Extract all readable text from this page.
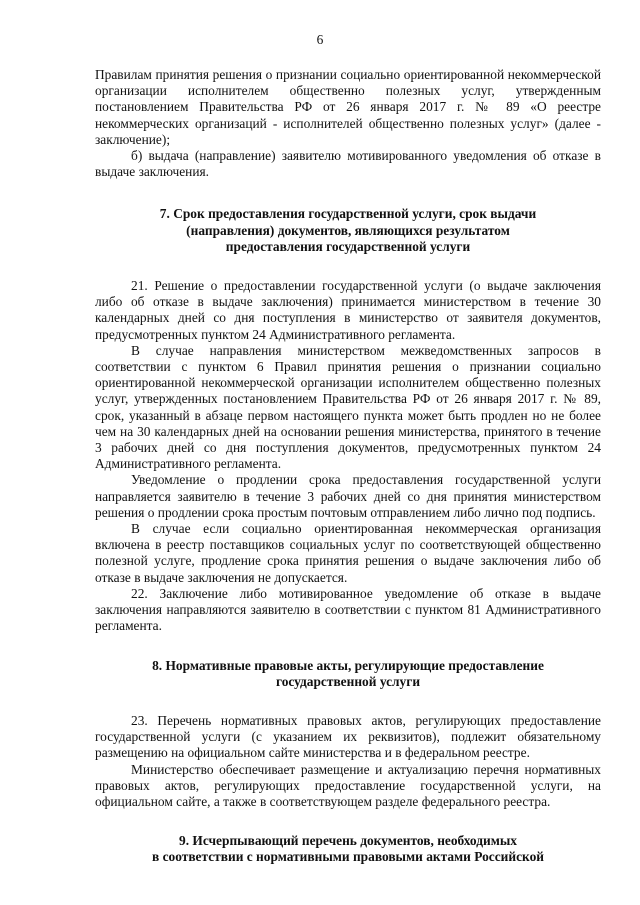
6

Правилам принятия решения о признании социально ориентированной некоммерческой организации исполнителем общественно полезных услуг, утвержденным постановлением Правительства РФ от 26 января 2017 г. № 89 «О реестре некоммерческих организаций - исполнителей общественно полезных услуг» (далее - заключение);

б) выдача (направление) заявителю мотивированного уведомления об отказе в выдаче заключения.

7. Срок предоставления государственной услуги, срок выдачи
(направления) документов, являющихся результатом
предоставления государственной услуги

21. Решение о предоставлении государственной услуги (о выдаче заключения либо об отказе в выдаче заключения) принимается министерством в течение 30 календарных дней со дня поступления в министерство от заявителя документов, предусмотренных пунктом 24 Административного регламента.

В случае направления министерством межведомственных запросов в соответствии с пунктом 6 Правил принятия решения о признании социально ориентированной некоммерческой организации исполнителем общественно полезных услуг, утвержденных постановлением Правительства РФ от 26 января 2017 г. № 89, срок, указанный в абзаце первом настоящего пункта может быть продлен но не более чем на 30 календарных дней на основании решения министерства, принятого в течение 3 рабочих дней со дня поступления документов, предусмотренных пунктом 24 Административного регламента.

Уведомление о продлении срока предоставления государственной услуги направляется заявителю в течение 3 рабочих дней со дня принятия министерством решения о продлении срока простым почтовым отправлением либо лично под подпись.

В случае если социально ориентированная некоммерческая организация включена в реестр поставщиков социальных услуг по соответствующей общественно полезной услуге, продление срока принятия решения о выдаче заключения либо об отказе в выдаче заключения не допускается.

22. Заключение либо мотивированное уведомление об отказе в выдаче заключения направляются заявителю в соответствии с пунктом 81 Административного регламента.

8. Нормативные правовые акты, регулирующие предоставление
государственной услуги

23. Перечень нормативных правовых актов, регулирующих предоставление государственной услуги (с указанием их реквизитов), подлежит обязательному размещению на официальном сайте министерства и в федеральном реестре.

Министерство обеспечивает размещение и актуализацию перечня нормативных правовых актов, регулирующих предоставление государственной услуги, на официальном сайте, а также в соответствующем разделе федерального реестра.

9. Исчерпывающий перечень документов, необходимых
в соответствии с нормативными правовыми актами Российской
